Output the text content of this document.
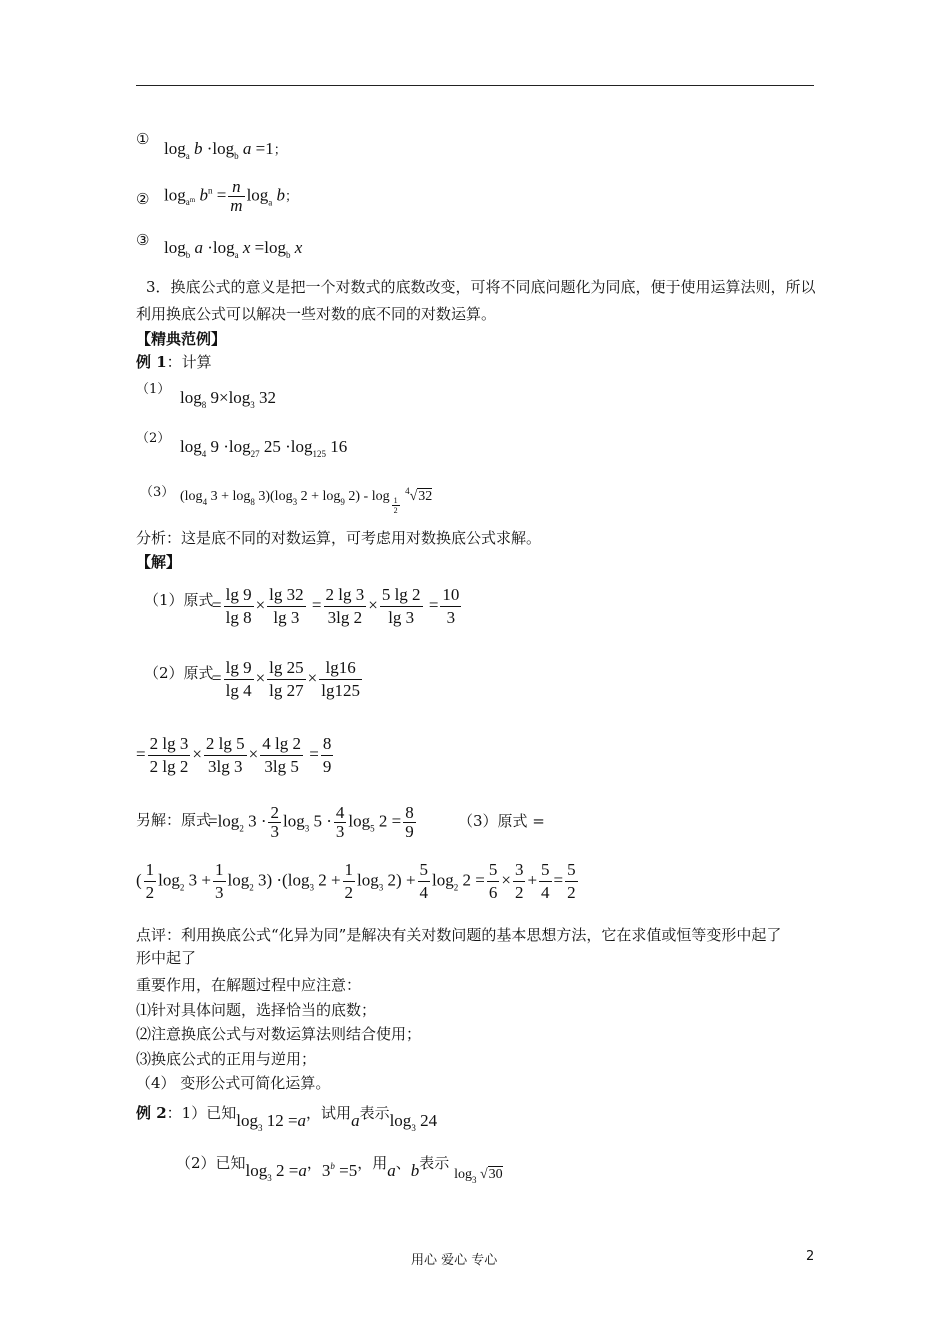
① $\log_a b \cdot\log_b$ a =1；
② $\log_{a^m} b^n = \frac{n}{m} \log_a b$；
③ $\log_b a \cdot\log_a$ $x =\log_b$ x
3．换底公式的意义是把一个对数式的底数改变，可将不同底问题化为同底，便于使用运算法则，所以利用换底公式可以解决一些对数的底不同的对数运算。
【精典范例】
例 1：计算
（1） $\log_8 9\times\log_3$ 32
（2） $\log_4 9 \cdot\log_{27}$ $25 \cdot\log_{125}$ 16
（3） ($\log_4$ $3 + \log_8 3)(\log_3$ $2 + \log_9 2) - \log _{\frac{1}{2}}$
$^4$√32
分析：这是底不同的对数运算，可考虑用对数换底公式求解。
【解】
（1）原式
= $\frac{\lg 9}{\lg 8} \times \frac{\lg 32}{\lg 3} = \frac{2 \lg 3}{3\lg 2} \times \frac{5 \lg 2}{\lg 3} = \frac{10}{3}$
（2）原式
= $\frac{\lg 9}{\lg 4} \times \frac{\lg 25}{\lg 27} \times \frac{\lg 16}{\lg 125}$
= $\frac{2 \lg 3}{2 \lg 2} \times \frac{2 \lg 5}{3\lg 3} \times \frac{4 \lg 2}{3\lg 5} = \frac{8}{9}$
另解：原式
$=\log_2$ $3 \cdot \frac{2}{3} \log_3 5 \cdot \frac{4}{3} \log_5 2 = \frac{8}{9}$	（3）原式 =
( $\frac{1}{2} \log_2 3 + \frac{1}{3} \log_2 3) \cdot(\log_3$ $2 + \frac{1}{2} \log_3 2) + \frac{5}{4} \log_2 2 = \frac{5}{6} \times \frac{3}{2} + \frac{5}{4} = \frac{5}{2}$
点评：利用换底公式“化异为同”是解决有关对数问题的基本思想方法，它在求值或恒等变形中起了
形中起了
重要作用，在解题过程中应注意：
⑴针对具体问题，选择恰当的底数；
⑵注意换底公式与对数运算法则结合使用；
⑶换底公式的正用与逆用；
（4） 变形公式可简化运算。
例 2：1）已知$\log_3 12 =a$，试用a表示$\log_3 24$
（2）已知$\log_3 2 =a$，$3^b =5$，用a、b表示 $\log_3 √30$
用心 爱心 专心	2
